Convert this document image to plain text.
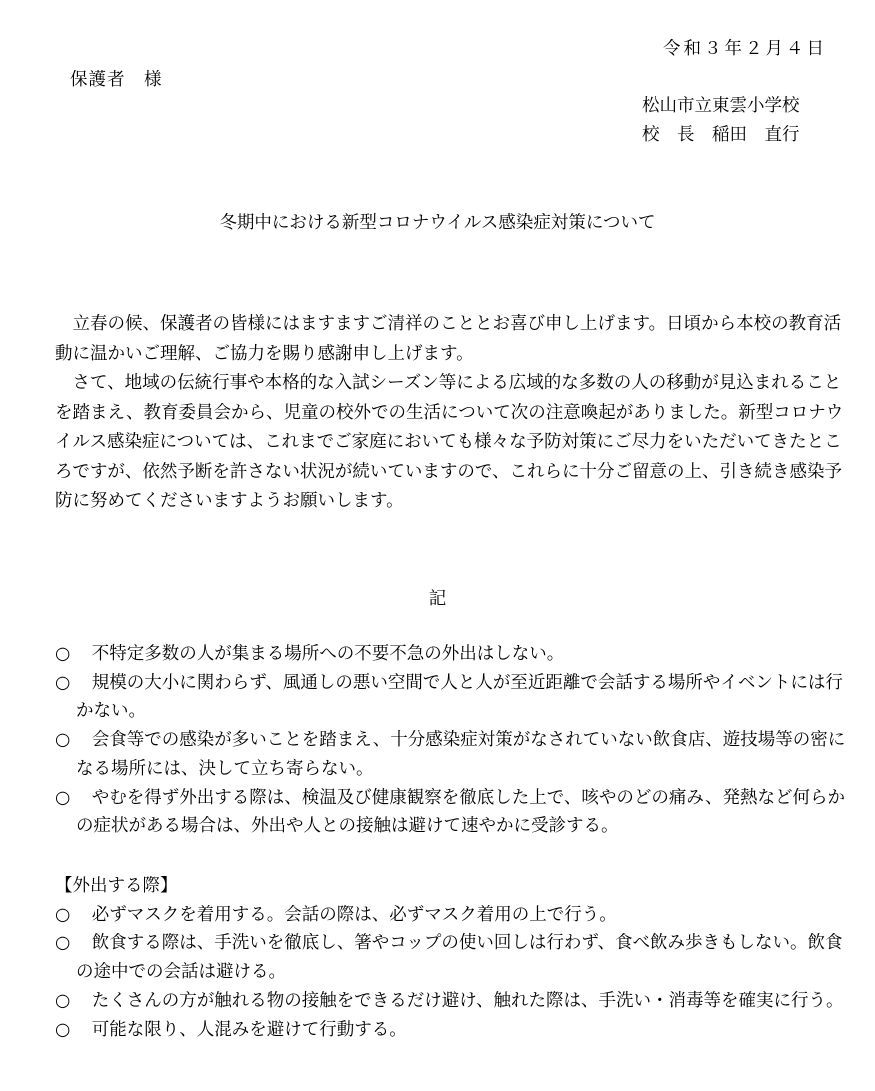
令和３年２月４日
保護者　様
松山市立東雲小学校
校　長　稲田　直行
冬期中における新型コロナウイルス感染症対策について

立春の候、保護者の皆様にはますますご清祥のこととお喜び申し上げます。日頃から本校の教育活動に温かいご理解、ご協力を賜り感謝申し上げます。

さて、地域の伝統行事や本格的な入試シーズン等による広域的な多数の人の移動が見込まれることを踏まえ、教育委員会から、児童の校外での生活について次の注意喚起がありました。新型コロナウイルス感染症については、これまでご家庭においても様々な予防対策にご尽力をいただいてきたところですが、依然予断を許さない状況が続いていますので、これらに十分ご留意の上、引き続き感染予防に努めてくださいますようお願いします。

記
○ 不特定多数の人が集まる場所への不要不急の外出はしない。
○ 規模の大小に関わらず、風通しの悪い空間で人と人が至近距離で会話する場所やイベントには行かない。
○ 会食等での感染が多いことを踏まえ、十分感染症対策がなされていない飲食店、遊技場等の密になる場所には、決して立ち寄らない。
○ やむを得ず外出する際は、検温及び健康観察を徹底した上で、咳やのどの痛み、発熱など何らかの症状がある場合は、外出や人との接触は避けて速やかに受診する。
【外出する際】
○ 必ずマスクを着用する。会話の際は、必ずマスク着用の上で行う。
○ 飲食する際は、手洗いを徹底し、箸やコップの使い回しは行わず、食べ飲み歩きもしない。飲食の途中での会話は避ける。
○ たくさんの方が触れる物の接触をできるだけ避け、触れた際は、手洗い・消毒等を確実に行う。
○ 可能な限り、人混みを避けて行動する。
